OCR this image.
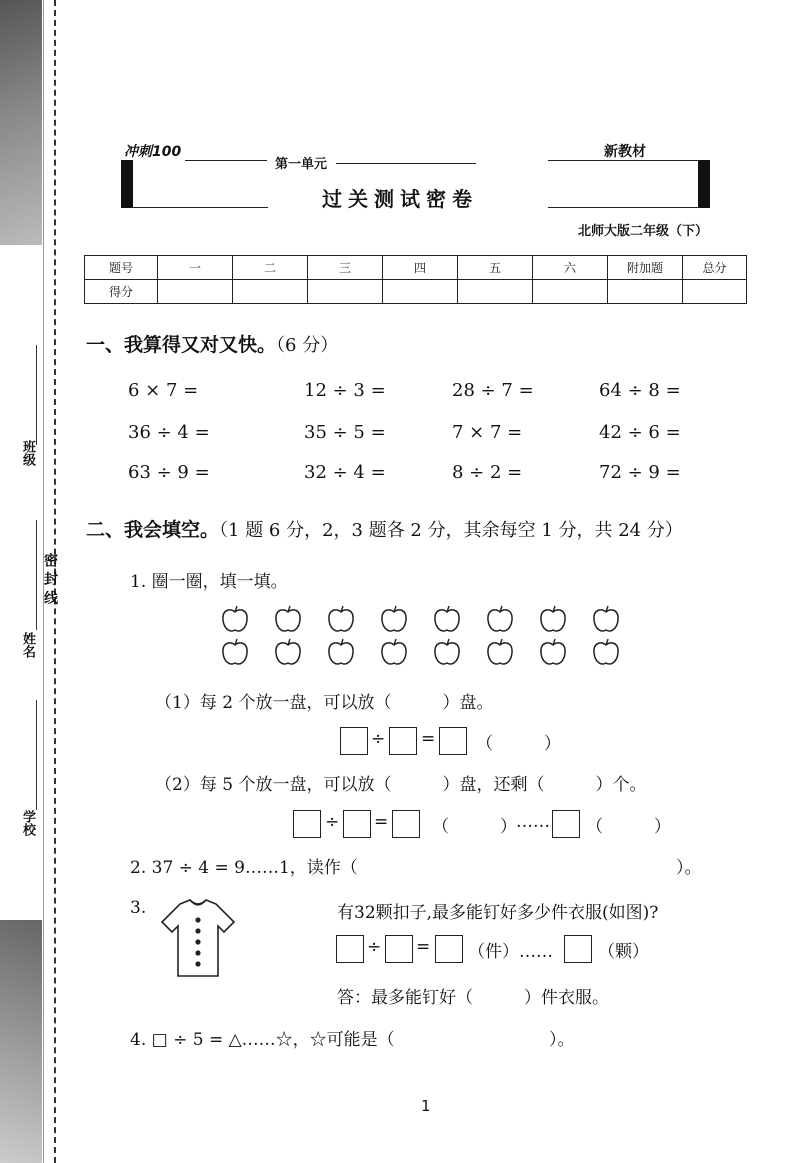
班级
密 封 线
姓名
学校
冲刺100
第一单元
新教材
过关测试密卷
北师大版二年级（下）
题号	一	二	三	四	五	六	附加题	总分
得分								
一、我算得又对又快。（6 分）
6 × 7 =	12 ÷ 3 =	28 ÷ 7 =	64 ÷ 8 =
36 ÷ 4 =	35 ÷ 5 =	7 × 7 =	42 ÷ 6 =
63 ÷ 9 =	32 ÷ 4 =	8 ÷ 2 =	72 ÷ 9 =
二、我会填空。（1 题 6 分，2，3 题各 2 分，其余每空 1 分，共 24 分）
1. 圈一圈，填一填。
（1）每 2 个放一盘，可以放（　　　）盘。
÷ = （　　　）
（2）每 5 个放一盘，可以放（　　　）盘，还剩（　　　）个。
÷ =	（　　　） …… （　　　）
2. 37 ÷ 4 = 9……1，读作（	）。
3.	有32颗扣子,最多能钉好多少件衣服(如图)?
÷ = （件）……	（颗）
答：最多能钉好（　　　）件衣服。
4. □ ÷ 5 = △……☆，☆可能是（	）。
1
